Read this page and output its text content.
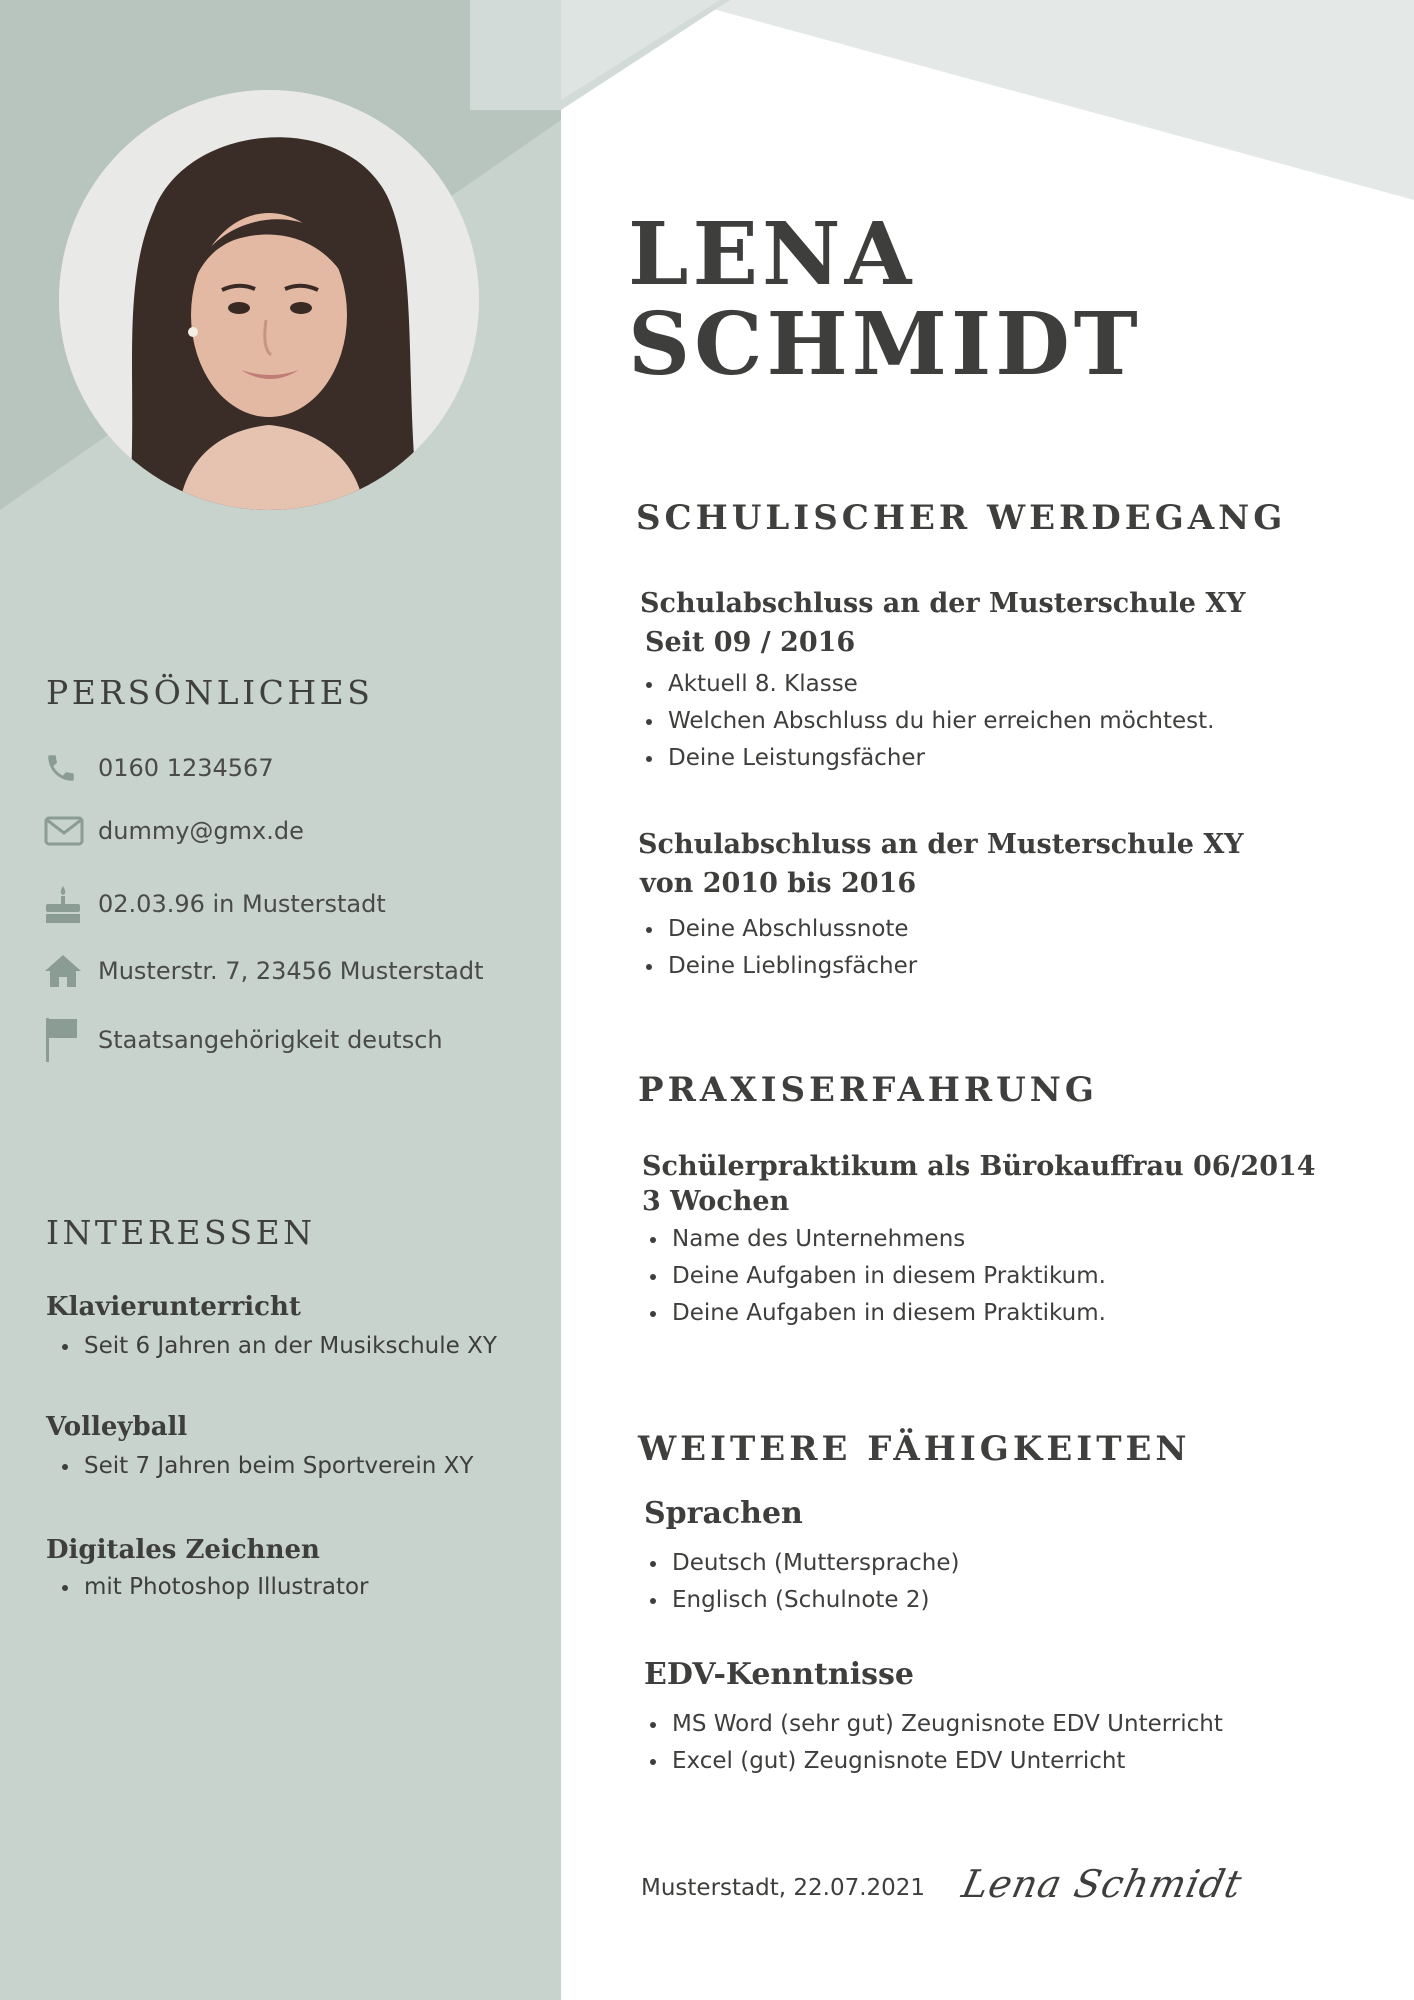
LENA
SCHMIDT
PERSÖNLICHES
0160 1234567
dummy@gmx.de
02.03.96 in Musterstadt
Musterstr. 7, 23456 Musterstadt
Staatsangehörigkeit deutsch
INTERESSEN
Klavierunterricht
Seit 6 Jahren an der Musikschule XY
Volleyball
Seit 7 Jahren beim Sportverein XY
Digitales Zeichnen
mit Photoshop Illustrator
SCHULISCHER WERDEGANG
Schulabschluss an der Musterschule XY
Seit 09 / 2016
Aktuell 8. Klasse
Welchen Abschluss du hier erreichen möchtest.
Deine Leistungsfächer
Schulabschluss an der Musterschule XY
von 2010 bis 2016
Deine Abschlussnote
Deine Lieblingsfächer
PRAXISERFAHRUNG
Schülerpraktikum als Bürokauffrau 06/2014
3 Wochen
Name des Unternehmens
Deine Aufgaben in diesem Praktikum.
Deine Aufgaben in diesem Praktikum.
WEITERE FÄHIGKEITEN
Sprachen
Deutsch (Muttersprache)
Englisch (Schulnote 2)
EDV-Kenntnisse
MS Word (sehr gut) Zeugnisnote EDV Unterricht
Excel (gut) Zeugnisnote EDV Unterricht
Musterstadt, 22.07.2021 Lena Schmidt
